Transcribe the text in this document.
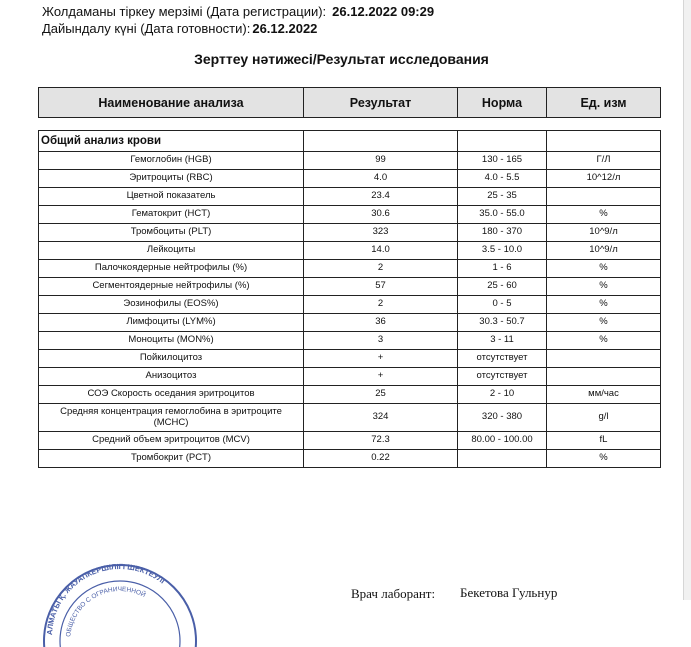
Жолдаманы тіркеу мерзімі (Дата регистрации): 26.12.2022 09:29
Дайындалу күні (Дата готовности): 26.12.2022
Зерттеу нәтижесі/Результат исследования
Наименование анализа	Результат	Норма	Ед. изм
Общий анализ крови			
Гемоглобин (HGB)	99	130 - 165	Г/Л
Эритроциты (RBC)	4.0	4.0 - 5.5	10^12/л
Цветной показатель	23.4	25 - 35	
Гематокрит (HCT)	30.6	35.0 - 55.0	%
Тромбоциты (PLT)	323	180 - 370	10^9/л
Лейкоциты	14.0	3.5 - 10.0	10^9/л
Палочкоядерные нейтрофилы (%)	2	1 - 6	%
Сегментоядерные нейтрофилы (%)	57	25 - 60	%
Эозинофилы (EOS%)	2	0 - 5	%
Лимфоциты (LYM%)	36	30.3 - 50.7	%
Моноциты (MON%)	3	3 - 11	%
Пойкилоцитоз	+	отсутствует	
Анизоцитоз	+	отсутствует	
СОЭ Скорость оседания эритроцитов	25	2 - 10	мм/час
Средняя концентрация гемоглобина в эритроците (MCHC)	324	320 - 380	g/l
Средний объем эритроцитов (MCV)	72.3	80.00 - 100.00	fL
Тромбокрит (PCT)	0.22		%
АЛМАТЫ Қ. ЖАУАПКЕРШІЛІГІ ШЕКТЕУЛІ
ОБЩЕСТВО С ОГРАНИЧЕННОЙ	Врач лаборант: Бекетова Гульнур
